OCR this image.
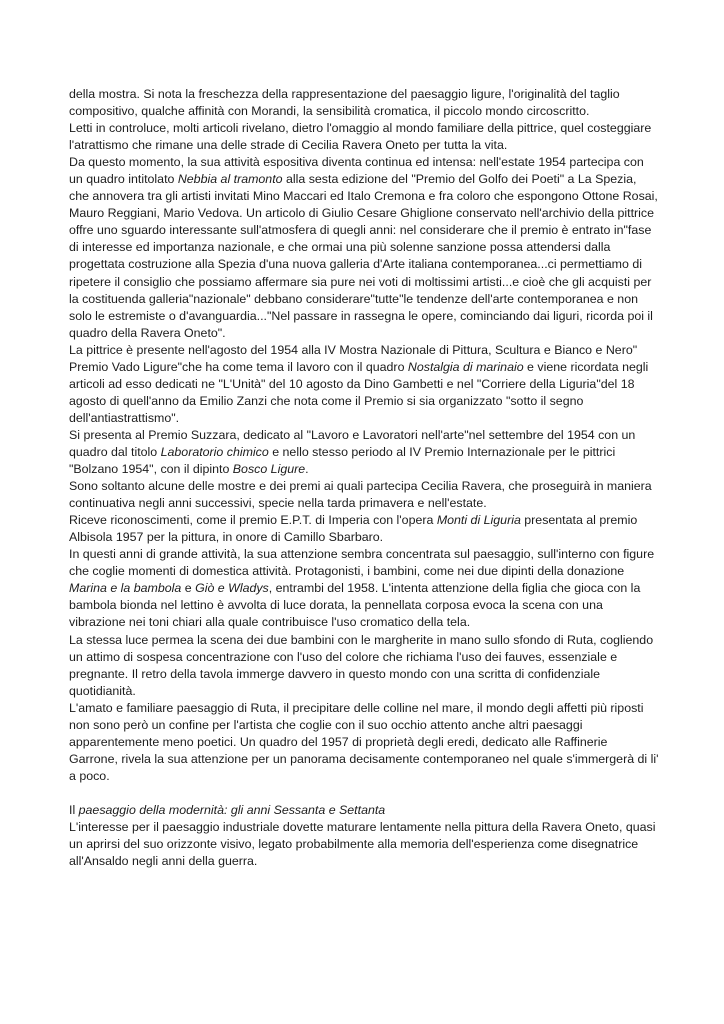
della mostra. Si nota la freschezza della rappresentazione del paesaggio ligure, l'originalità del taglio compositivo, qualche affinità con Morandi, la sensibilità cromatica, il piccolo mondo circoscritto.

Letti in controluce, molti articoli rivelano, dietro l'omaggio al mondo familiare della pittrice, quel costeggiare l'atrattismo che rimane una delle strade di Cecilia Ravera Oneto per tutta la vita.

Da questo momento, la sua attività espositiva diventa continua ed intensa: nell'estate 1954 partecipa con un quadro intitolato Nebbia al tramonto alla sesta edizione del "Premio del Golfo dei Poeti" a La Spezia, che annovera tra gli artisti invitati Mino Maccari ed Italo Cremona e fra coloro che espongono Ottone Rosai, Mauro Reggiani, Mario Vedova. Un articolo di Giulio Cesare Ghiglione conservato nell'archivio della pittrice offre uno sguardo interessante sull'atmosfera di quegli anni: nel considerare che il premio è entrato in"fase di interesse ed importanza nazionale, e che ormai una più solenne sanzione possa attendersi dalla progettata costruzione alla Spezia d'una nuova galleria d'Arte italiana contemporanea...ci permettiamo di ripetere il consiglio che possiamo affermare sia pure nei voti di moltissimi artisti...e cioè che gli acquisti per la costituenda galleria"nazionale" debbano considerare"tutte"le tendenze dell'arte contemporanea e non solo le estremiste o d'avanguardia..."Nel passare in rassegna le opere, cominciando dai liguri, ricorda poi il quadro della Ravera Oneto".

La pittrice è presente nell'agosto del 1954 alla IV Mostra Nazionale di Pittura, Scultura e Bianco e Nero" Premio Vado Ligure"che ha come tema il lavoro con il quadro Nostalgia di marinaio e viene ricordata negli articoli ad esso dedicati ne "L'Unità" del 10 agosto da Dino Gambetti e nel "Corriere della Liguria"del 18 agosto di quell'anno da Emilio Zanzi che nota come il Premio si sia organizzato "sotto il segno dell'antiastrattismo".

Si presenta al Premio Suzzara, dedicato al "Lavoro e Lavoratori nell'arte"nel settembre del 1954 con un quadro dal titolo Laboratorio chimico e nello stesso periodo al IV Premio Internazionale per le pittrici "Bolzano 1954", con il dipinto Bosco Ligure.

Sono soltanto alcune delle mostre e dei premi ai quali partecipa Cecilia Ravera, che proseguirà in maniera continuativa negli anni successivi, specie nella tarda primavera e nell'estate.

Riceve riconoscimenti, come il premio E.P.T. di Imperia con l'opera Monti di Liguria presentata al premio Albisola 1957 per la pittura, in onore di Camillo Sbarbaro.

In questi anni di grande attività, la sua attenzione sembra concentrata sul paesaggio, sull'interno con figure che coglie momenti di domestica attività. Protagonisti, i bambini, come nei due dipinti della donazione Marina e la bambola e Giò e Wladys, entrambi del 1958. L'intenta attenzione della figlia che gioca con la bambola bionda nel lettino è avvolta di luce dorata, la pennellata corposa evoca la scena con una vibrazione nei toni chiari alla quale contribuisce l'uso cromatico della tela.

La stessa luce permea la scena dei due bambini con le margherite in mano sullo sfondo di Ruta, cogliendo un attimo di sospesa concentrazione con l'uso del colore che richiama l'uso dei fauves, essenziale e pregnante. Il retro della tavola immerge davvero in questo mondo con una scritta di confidenziale quotidianità.

L'amato e familiare paesaggio di Ruta, il precipitare delle colline nel mare, il mondo degli affetti più riposti non sono però un confine per l'artista che coglie con il suo occhio attento anche altri paesaggi apparentemente meno poetici. Un quadro del 1957 di proprietà degli eredi, dedicato alle Raffinerie Garrone, rivela la sua attenzione per un panorama decisamente contemporaneo nel quale s'immergerà di li' a poco.

Il paesaggio della modernità: gli anni Sessanta e Settanta

L'interesse per il paesaggio industriale dovette maturare lentamente nella pittura della Ravera Oneto, quasi un aprirsi del suo orizzonte visivo, legato probabilmente alla memoria dell'esperienza come disegnatrice all'Ansaldo negli anni della guerra.
